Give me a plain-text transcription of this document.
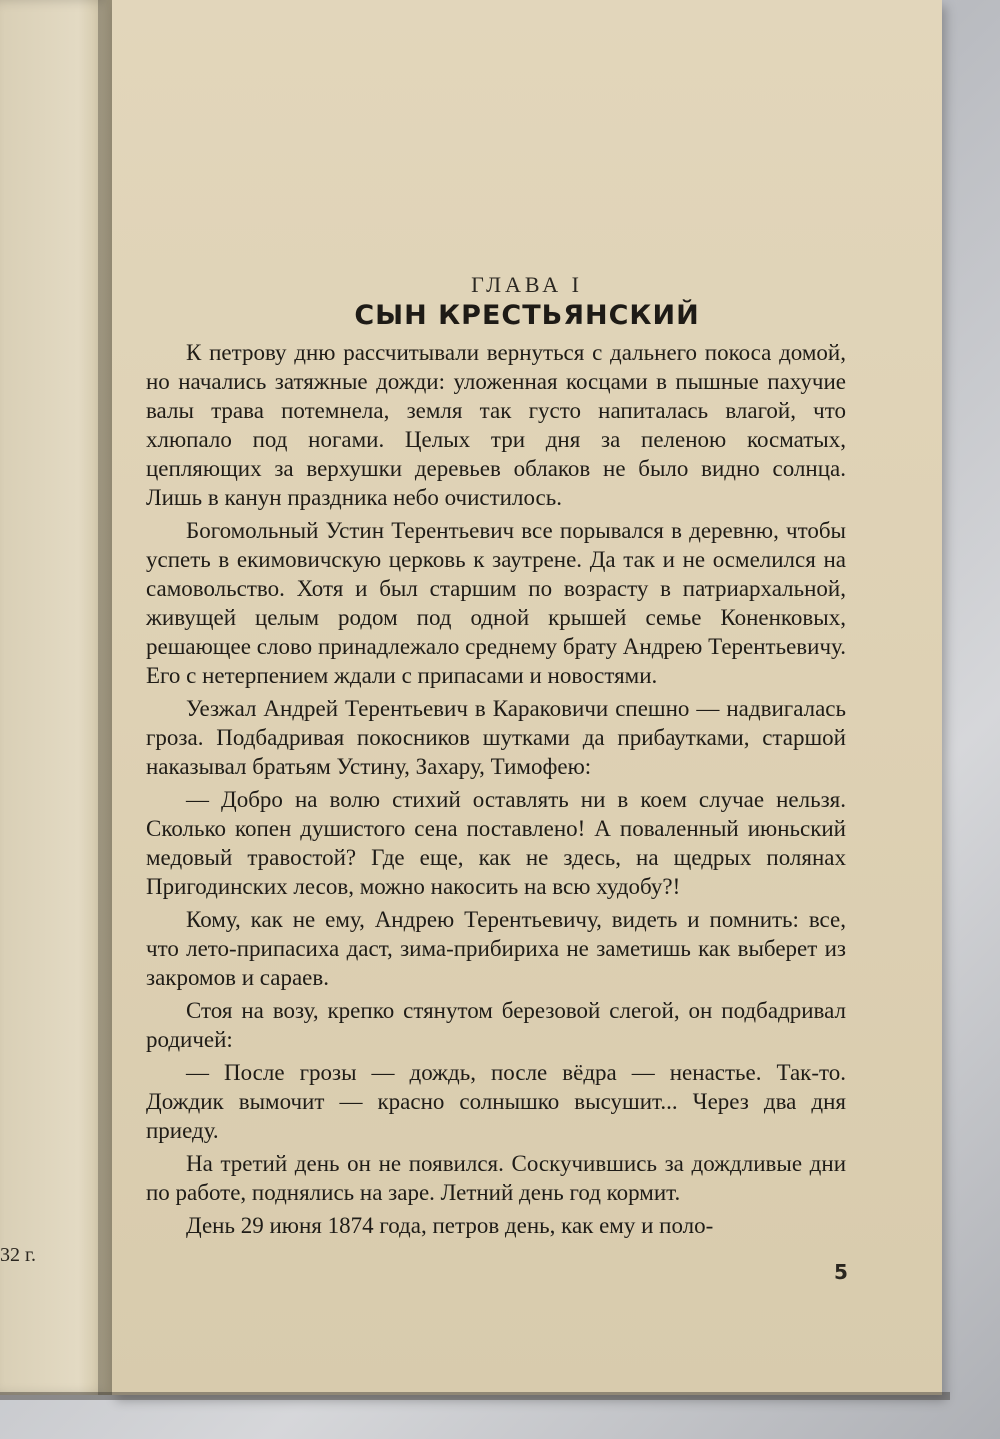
32 г.
ГЛАВА I
СЫН КРЕСТЬЯНСКИЙ

К петрову дню рассчитывали вернуться с дальнего покоса домой, но начались затяжные дожди: уложенная косцами в пышные пахучие валы трава потемнела, земля так густо напиталась влагой, что хлюпало под ногами. Целых три дня за пеленою косматых, цепляющих за верхушки деревьев облаков не было видно солнца. Лишь в канун праздника небо очистилось.

Богомольный Устин Терентьевич все порывался в деревню, чтобы успеть в екимовичскую церковь к заутрене. Да так и не осмелился на самовольство. Хотя и был старшим по возрасту в патриархальной, живущей целым родом под одной крышей семье Коненковых, решающее слово принадлежало среднему брату Андрею Терентьевичу. Его с нетерпением ждали с припасами и новостями.

Уезжал Андрей Терентьевич в Караковичи спешно — надвигалась гроза. Подбадривая покосников шутками да прибаутками, старшой наказывал братьям Устину, Захару, Тимофею:

— Добро на волю стихий оставлять ни в коем случае нельзя. Сколько копен душистого сена поставлено! А поваленный июньский медовый травостой? Где еще, как не здесь, на щедрых полянах Пригодинских лесов, можно накосить на всю худобу?!

Кому, как не ему, Андрею Терентьевичу, видеть и помнить: все, что лето-припасиха даст, зима-прибириха не заметишь как выберет из закромов и сараев.

Стоя на возу, крепко стянутом березовой слегой, он подбадривал родичей:

— После грозы — дождь, после вёдра — ненастье. Так-то. Дождик вымочит — красно солнышко высушит... Через два дня приеду.

На третий день он не появился. Соскучившись за дождливые дни по работе, поднялись на заре. Летний день год кормит.

День 29 июня 1874 года, петров день, как ему и поло-

5
